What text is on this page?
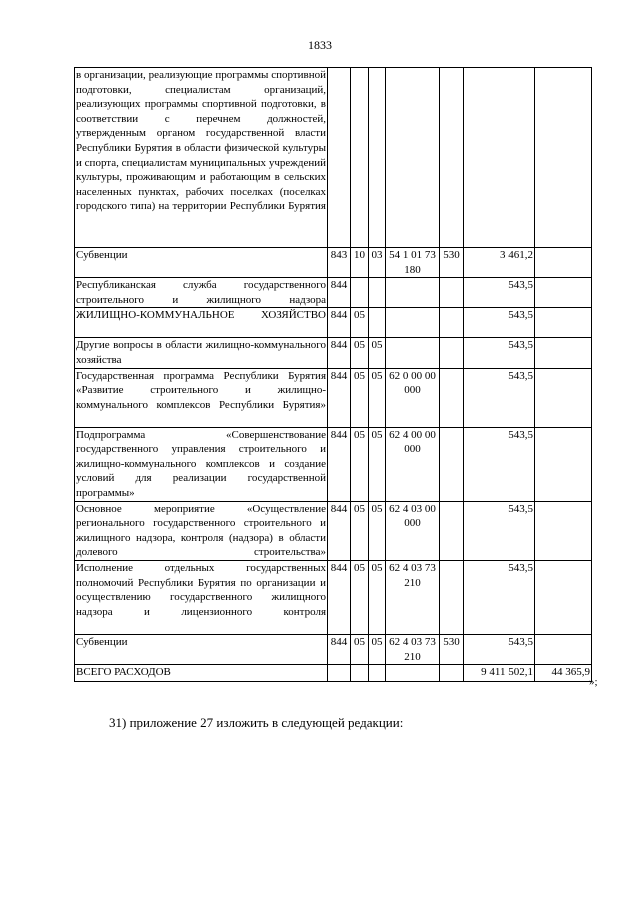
1833
в организации, реализующие программы спортивной подготовки, специалистам организаций, реализующих программы спортивной подготовки, в соответствии с перечнем должностей, утвержденным органом государственной власти Республики Бурятия в области физической культуры и спорта, специалистам муниципальных учреждений культуры, проживающим и работающим в сельских населенных пунктах, рабочих поселках (поселках городского типа) на территории Республики Бурятия							
Субвенции	843	10	03	54 1 01 73180	530	3 461,2	
Республиканская служба государственного строительного и жилищного надзора	844					543,5	
ЖИЛИЩНО-КОММУНАЛЬНОЕ ХОЗЯЙСТВО	844	05				543,5	
Другие вопросы в области жилищно-коммунального хозяйства	844	05	05			543,5	
Государственная программа Республики Бурятия «Развитие строительного и жилищно-коммунального комплексов Республики Бурятия»	844	05	05	62 0 00 00000		543,5	
Подпрограмма «Совершенствование государственного управления строительного и жилищно-коммунального комплексов и создание условий для реализации государственной программы»	844	05	05	62 4 00 00000		543,5	
Основное мероприятие «Осуществление регионального государственного строительного и жилищного надзора, контроля (надзора) в области долевого строительства»	844	05	05	62 4 03 00000		543,5	
Исполнение отдельных государственных полномочий Республики Бурятия по организации и осуществлению государственного жилищного надзора и лицензионного контроля	844	05	05	62 4 03 73210		543,5	
Субвенции	844	05	05	62 4 03 73210	530	543,5	
ВСЕГО РАСХОДОВ						9 411 502,1	44 365,9
»;
31) приложение 27 изложить в следующей редакции:
